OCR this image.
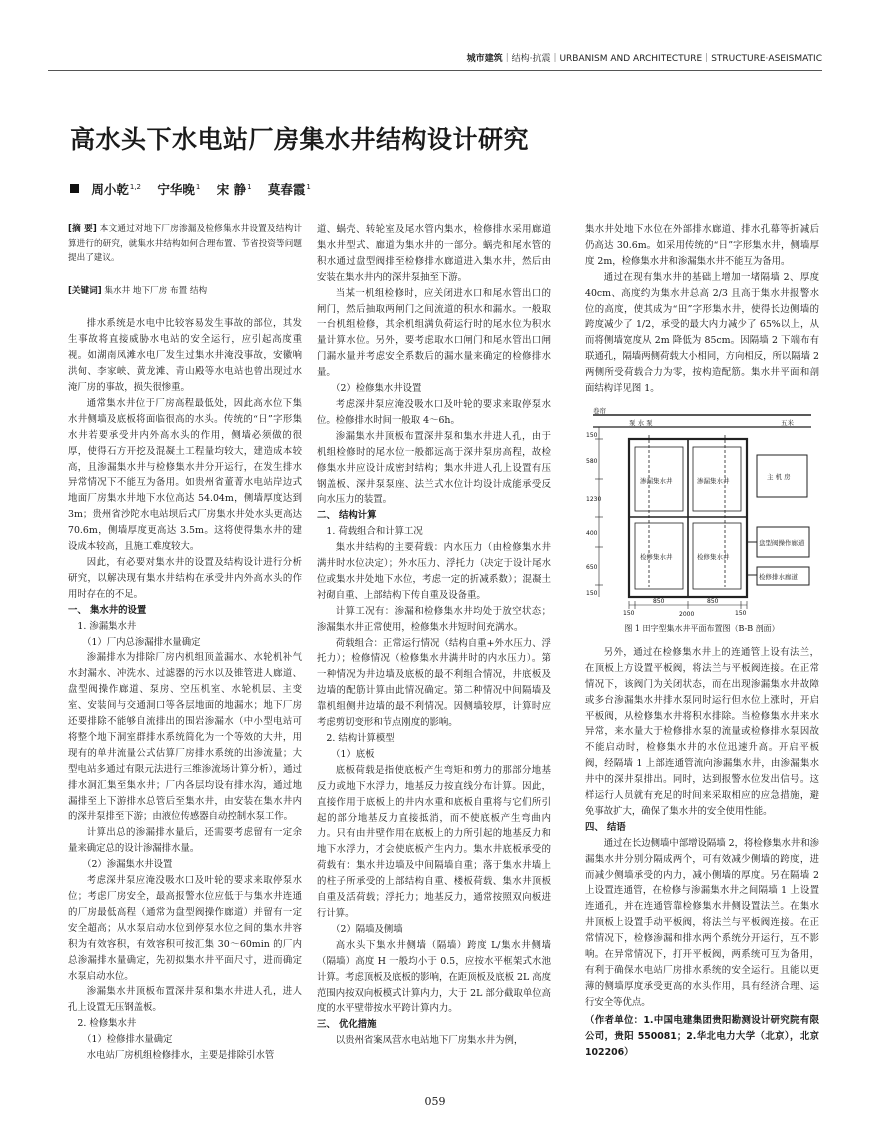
城市建筑｜结构·抗震｜URBANISM AND ARCHITECTURE｜STRUCTURE·ASEISMATIC
高水头下水电站厂房集水井结构设计研究
周小乾$^{1,2}$ 宁华晚$^1$ 宋 静$^1$ 莫春霞$^1$

[摘 要] 本文通过对地下厂房渗漏及检修集水井设置及结构计算进行的研究，就集水井结构如何合理布置、节省投资等问题提出了建议。

[关键词] 集水井 地下厂房 布置 结构

排水系统是水电中比较容易发生事故的部位，其发生事故将直接威胁水电站的安全运行，应引起高度重视。如湖南凤滩水电厂发生过集水井淹没事故，安徽响洪甸、李家峡、黄龙滩、青山殿等水电站也曾出现过水淹厂房的事故，损失很惨重。

通常集水井位于厂房高程最低处，因此高水位下集水井侧墙及底板将面临很高的水头。传统的“日”字形集水井若要承受井内外高水头的作用，侧墙必须做的很厚，使得石方开挖及混凝土工程量均较大，建造成本较高，且渗漏集水井与检修集水井分开运行，在发生排水异常情况下不能互为备用。如贵州省董菁水电站岸边式地面厂房集水井地下水位高达 54.04m，侧墙厚度达到 3m；贵州省沙陀水电站坝后式厂房集水井处水头更高达 70.6m，侧墙厚度更高达 3.5m。这将使得集水井的建设成本较高，且施工难度较大。

因此，有必要对集水井的设置及结构设计进行分析研究，以解决现有集水井结构在承受井内外高水头的作用时存在的不足。

一、 集水井的设置

1. 渗漏集水井

（1）厂内总渗漏排水量确定

渗漏排水为排除厂房内机组顶盖漏水、水轮机补气水封漏水、冲洗水、过滤器的污水以及锥管进人廊道、盘型阀操作廊道、泵房、空压机室、水轮机层、主变室、安装间与交通洞口等各层地面的地漏水；地下厂房还要排除不能够自流排出的围岩渗漏水（中小型电站可将整个地下洞室群排水系统简化为一个等效的大井，用现有的单井流量公式估算厂房排水系统的出渗流量；大型电站多通过有限元法进行三维渗流场计算分析），通过排水洞汇集至集水井；厂内各层均设有排水沟，通过地漏排至上下游排水总管后至集水井，由安装在集水井内的深井泵排至下游；由液位传感器自动控制水泵工作。

计算出总的渗漏排水量后，还需要考虑留有一定余量来确定总的设计渗漏排水量。

（2）渗漏集水井设置

考虑深井泵应淹没吸水口及叶轮的要求来取停泵水位；考虑厂房安全，最高报警水位应低于与集水井连通的厂房最低高程（通常为盘型阀操作廊道）并留有一定安全超高；从水泵启动水位到停泵水位之间的集水井容积为有效容积，有效容积可按汇集 30～60min 的厂内总渗漏排水量确定，先初拟集水井平面尺寸，进而确定水泵启动水位。

渗漏集水井顶板布置深井泵和集水井进人孔，进人孔上设置无压钢盖板。

2. 检修集水井

（1）检修排水量确定

水电站厂房机组检修排水，主要是排除引水管

道、蜗壳、转轮室及尾水管内集水，检修排水采用廊道集水井型式、廊道为集水井的一部分。蜗壳和尾水管的积水通过盘型阀排至检修排水廊道进入集水井，然后由安装在集水井内的深井泵抽至下游。

当某一机组检修时，应关闭进水口和尾水管出口的闸门，然后抽取两闸门之间流道的积水和漏水。一般取一台机组检修，其余机组满负荷运行时的尾水位为积水量计算水位。另外，要考虑取水口闸门和尾水管出口闸门漏水量并考虑安全系数后的漏水量来确定的检修排水量。

（2）检修集水井设置

考虑深井泵应淹没吸水口及叶轮的要求来取停泵水位。检修排水时间一般取 4～6h。

渗漏集水井顶板布置深井泵和集水井进人孔，由于机组检修时的尾水位一般都远高于深井泵房高程，故检修集水井应设计成密封结构；集水井进人孔上设置有压钢盖板、深井泵泵座、法兰式水位计均设计成能承受反向水压力的装置。

二、 结构计算

1. 荷载组合和计算工况

集水井结构的主要荷载：内水压力（由检修集水井满井时水位决定）；外水压力、浮托力（决定于设计尾水位或集水井处地下水位，考虑一定的折减系数）；混凝土衬砌自重、上部结构下传自重及设备重。

计算工况有：渗漏和检修集水井均处于放空状态；渗漏集水井正常使用，检修集水井短时间充满水。

荷载组合：正常运行情况（结构自重+外水压力、浮托力）；检修情况（检修集水井满井时的内水压力）。第一种情况为井边墙及底板的最不利组合情况，井底板及边墙的配筋计算由此情况确定。第二种情况中间隔墙及靠机组侧井边墙的最不利情况。因侧墙较厚，计算时应考虑剪切变形和节点刚度的影响。

2. 结构计算模型

（1）底板

底板荷载是指使底板产生弯矩和剪力的那部分地基反力或地下水浮力，地基反力按直线分布计算。因此，直接作用于底板上的井内水重和底板自重将与它们所引起的部分地基反力直接抵消，而不使底板产生弯曲内力。只有由井壁作用在底板上的力所引起的地基反力和地下水浮力，才会使底板产生内力。集水井底板承受的荷载有：集水井边墙及中间隔墙自重；落于集水井墙上的柱子所承受的上部结构自重、楼板荷载、集水井顶板自重及活荷载；浮托力；地基反力，通常按照双向板进行计算。

（2）隔墙及侧墙

高水头下集水井侧墙（隔墙）跨度 L/集水井侧墙（隔墙）高度 H 一般均小于 0.5，应按水平框架式水池计算。考虑顶板及底板的影响，在距顶板及底板 2L 高度范围内按双向板模式计算内力，大于 2L 部分截取单位高度的水平壁带按水平跨计算内力。

三、 优化措施

以贵州省案凤营水电站地下厂房集水井为例，

集水井处地下水位在外部排水廊道、排水孔幕等折减后仍高达 30.6m。如采用传统的“日”字形集水井，侧墙厚度 2m，检修集水井和渗漏集水井不能互为备用。

通过在现有集水井的基础上增加一堵隔墙 2、厚度 40cm、高度约为集水井总高 2/3 且高于集水井报警水位的高度，使其成为“田”字形集水井，使得长边侧墙的跨度减少了 1/2，承受的最大内力减少了 65%以上，从而将侧墙宽度从 2m 降低为 85cm。因隔墙 2 下端布有联通孔，隔墙两侧荷载大小相同，方向相反，所以隔墙 2 两侧所受荷载合力为零，按构造配筋。集水井平面和剖面结构详见图 1。

卷帘
泵 水 泵	五米
渗漏集水井	渗漏集水井
检修集水井	检修集水井
主 机 房
盘型阀操作廊道
检修排水廊道
150
580
1230
400
650
150
150
850	850
150
2000

图 1 田字型集水井平面布置图（B-B 剖面）

另外，通过在检修集水井上的连通管上设有法兰，在顶板上方设置平板阀，将法兰与平板阀连接。在正常情况下，该阀门为关闭状态，而在出现渗漏集水井故障或多台渗漏集水井排水泵同时运行但水位上涨时，开启平板阀，从检修集水井将积水排除。当检修集水井来水异常，来水量大于检修排水泵的流量或检修排水泵因故不能启动时，检修集水井的水位迅速升高。开启平板阀，经隔墙 1 上部连通管流向渗漏集水井，由渗漏集水井中的深井泵排出。同时，达到报警水位发出信号。这样运行人员就有充足的时间来采取相应的应急措施，避免事故扩大，确保了集水井的安全使用性能。

四、 结语

通过在长边侧墙中部增设隔墙 2，将检修集水井和渗漏集水井分别分隔成两个，可有效减少侧墙的跨度，进而减少侧墙承受的内力，减小侧墙的厚度。另在隔墙 2 上设置连通管，在检修与渗漏集水井之间隔墙 1 上设置连通孔，并在连通管靠检修集水井侧设置法兰。在集水井顶板上设置手动平板阀，将法兰与平板阀连接。在正常情况下，检修渗漏和排水两个系统分开运行，互不影响。在异常情况下，打开平板阀，两系统可互为备用，有利于确保水电站厂房排水系统的安全运行。且能以更薄的侧墙厚度承受更高的水头作用，具有经济合理、运行安全等优点。

（作者单位：1.中国电建集团贵阳勘测设计研究院有限公司，贵阳 550081；2.华北电力大学（北京），北京 102206）

059
